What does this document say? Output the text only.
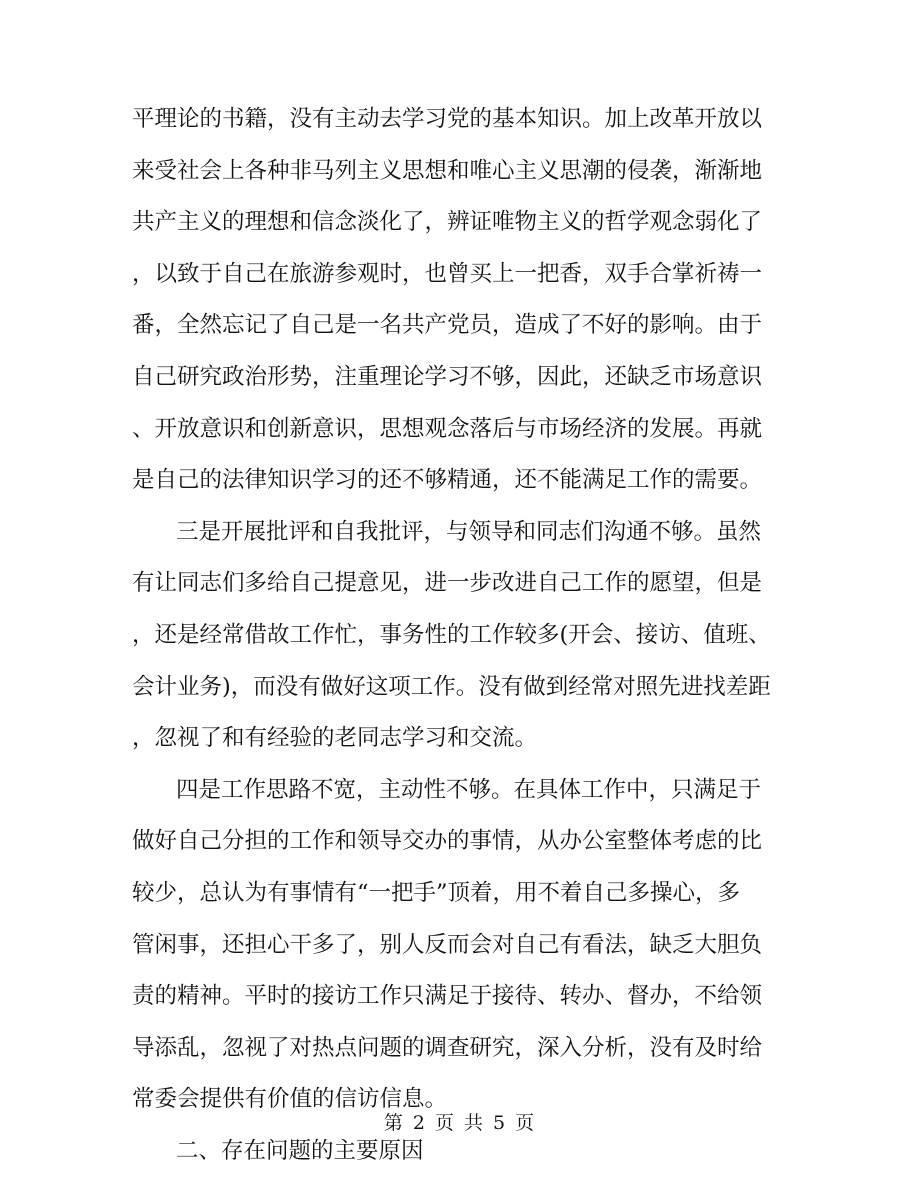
平理论的书籍，没有主动去学习党的基本知识。加上改革开放以
来受社会上各种非马列主义思想和唯心主义思潮的侵袭，渐渐地
共产主义的理想和信念淡化了，辨证唯物主义的哲学观念弱化了
，以致于自己在旅游参观时，也曾买上一把香，双手合掌祈祷一
番，全然忘记了自己是一名共产党员，造成了不好的影响。由于
自己研究政治形势，注重理论学习不够，因此，还缺乏市场意识
、开放意识和创新意识，思想观念落后与市场经济的发展。再就
是自己的法律知识学习的还不够精通，还不能满足工作的需要。
三是开展批评和自我批评，与领导和同志们沟通不够。虽然
有让同志们多给自己提意见，进一步改进自己工作的愿望，但是
，还是经常借故工作忙，事务性的工作较多(开会、接访、值班、
会计业务)，而没有做好这项工作。没有做到经常对照先进找差距
，忽视了和有经验的老同志学习和交流。
四是工作思路不宽，主动性不够。在具体工作中，只满足于
做好自己分担的工作和领导交办的事情，从办公室整体考虑的比
较少，总认为有事情有“一把手”顶着，用不着自己多操心，多
管闲事，还担心干多了，别人反而会对自己有看法，缺乏大胆负
责的精神。平时的接访工作只满足于接待、转办、督办，不给领
导添乱，忽视了对热点问题的调查研究，深入分析，没有及时给
常委会提供有价值的信访信息。
二、存在问题的主要原因
第 2 页 共 5 页
